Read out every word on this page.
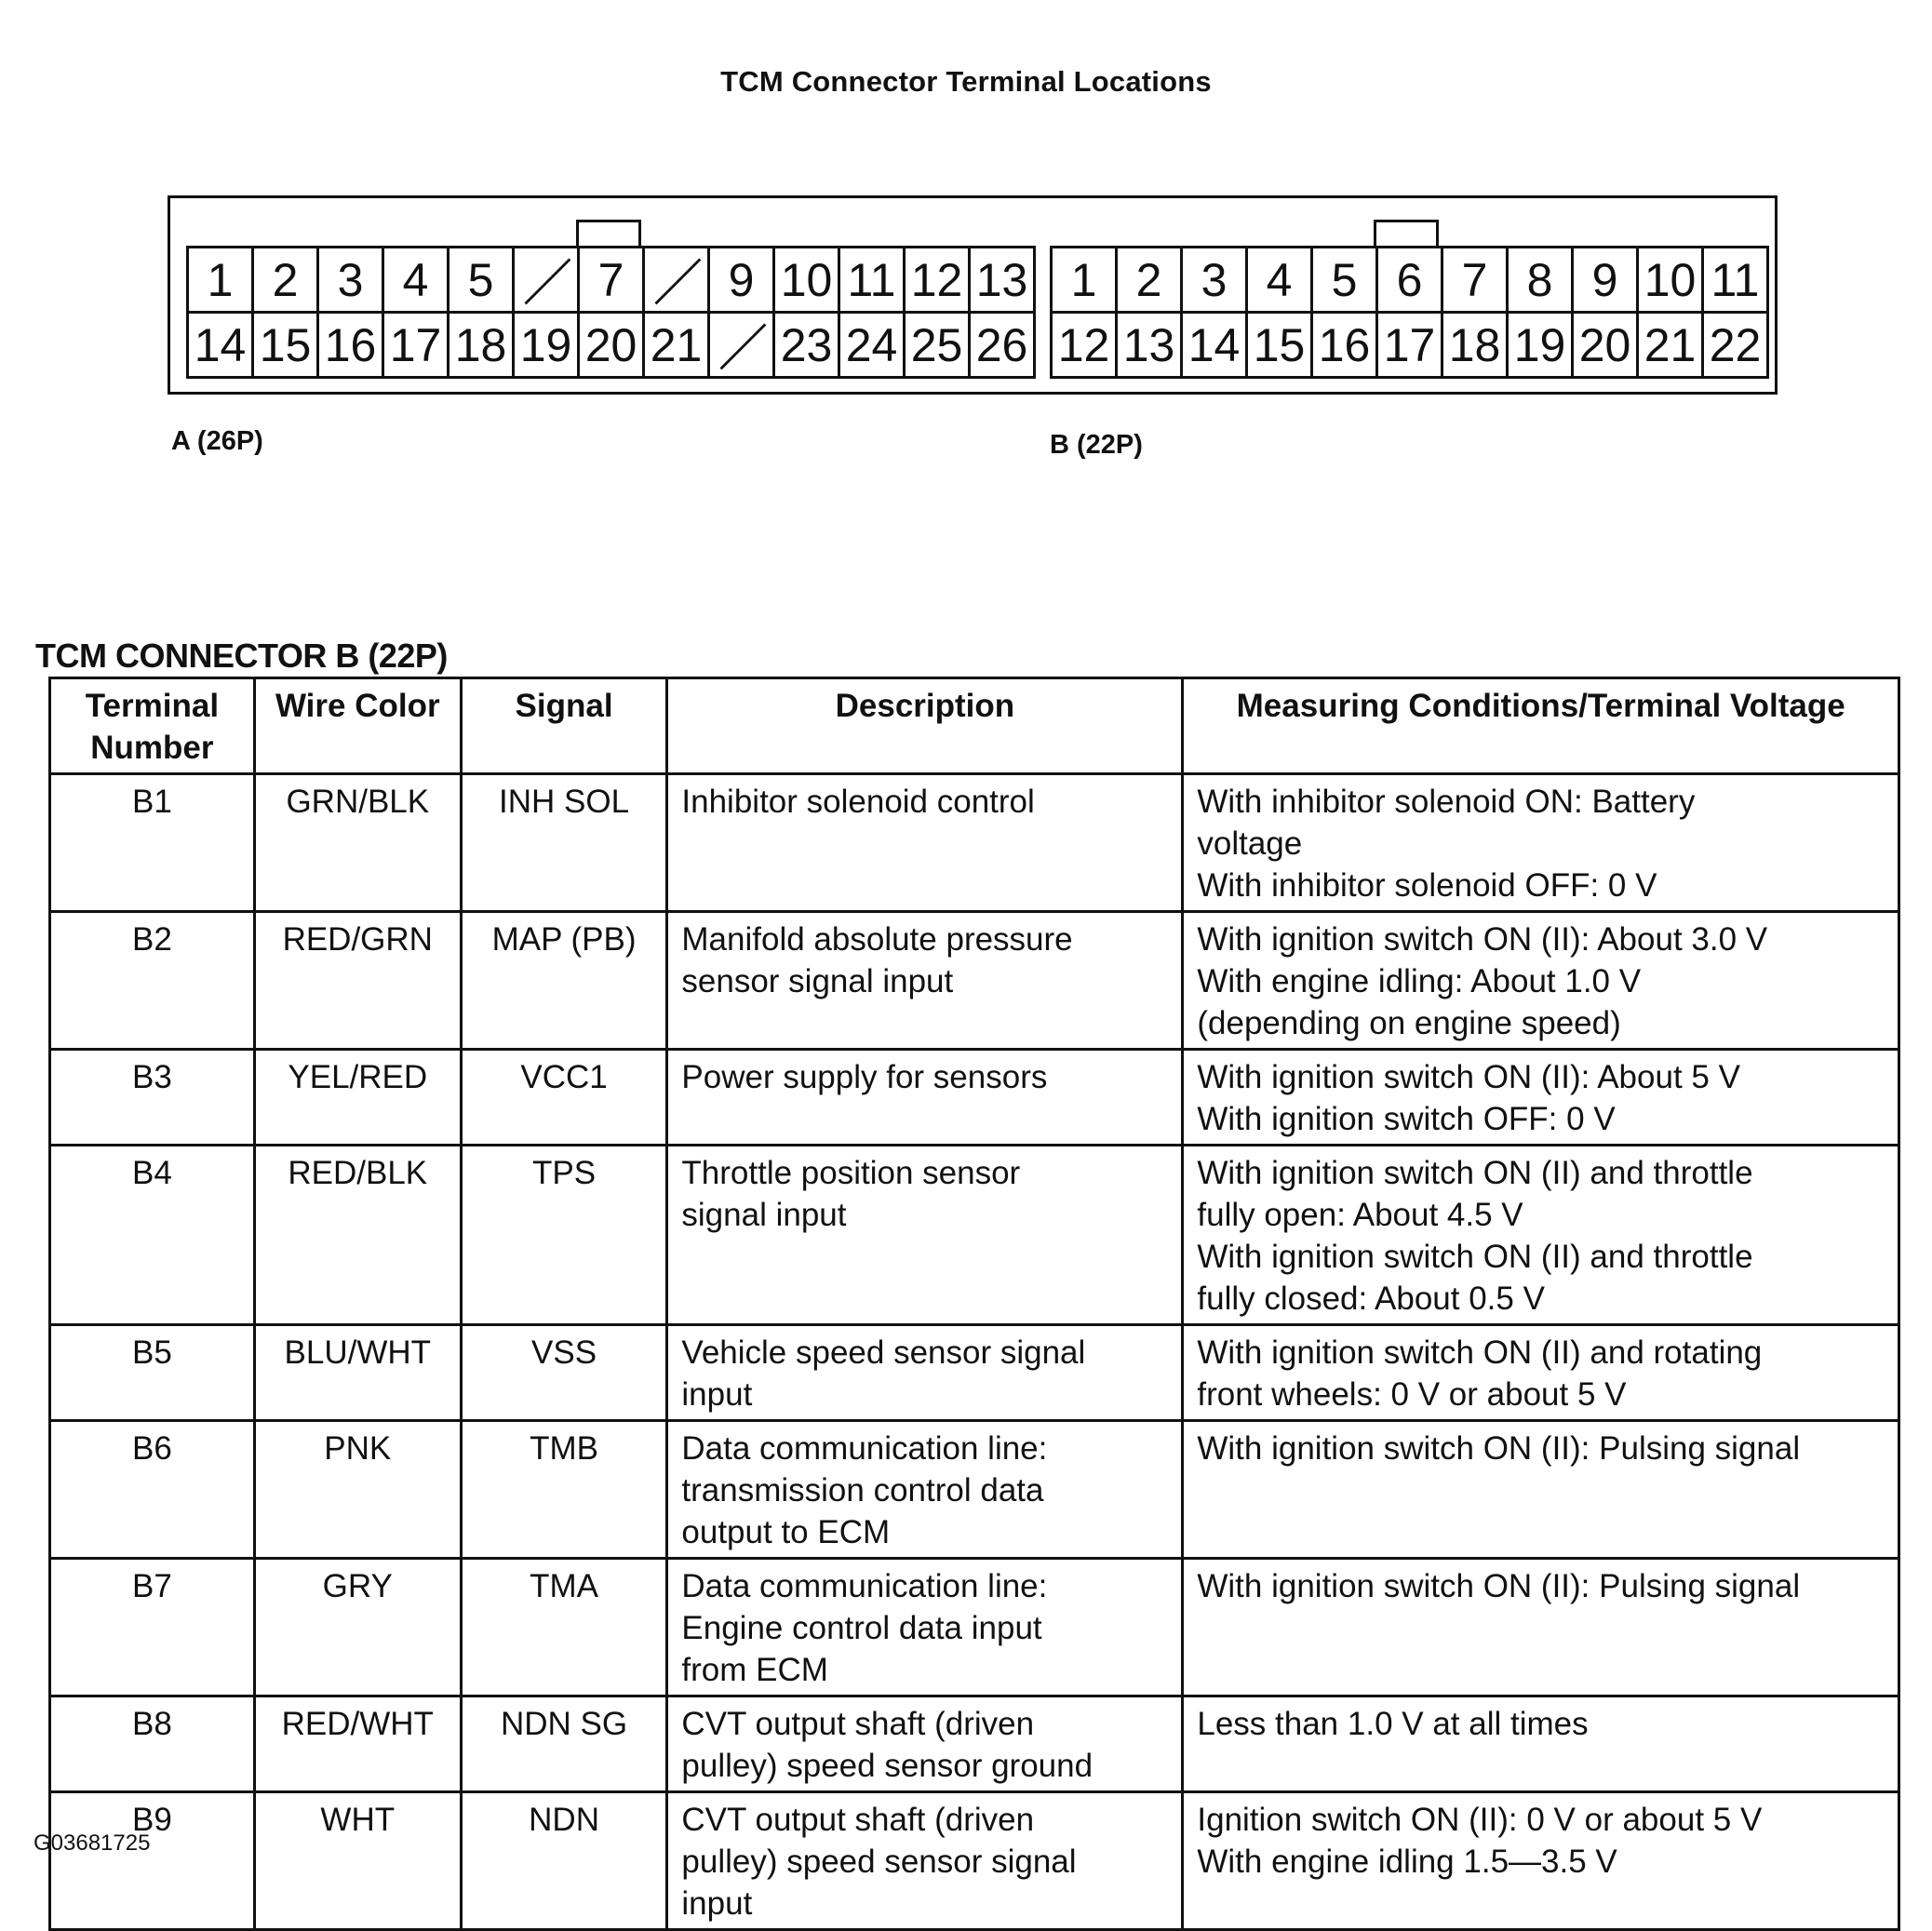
TCM Connector Terminal Locations
1 2 3 4 5	7	9 10 11 12 13
14 15 16 17 18 19 20 21 23 24 25 26
1 2 3 4 5 6 7 8 9 10 11
12 13 14 15 16 17 18 19 20 21 22
A (26P)	B (22P)
TCM CONNECTOR B (22P)
Terminal
Number	Wire Color	Signal	Description	Measuring Conditions/Terminal Voltage
B1	GRN/BLK	INH SOL	Inhibitor solenoid control	With inhibitor solenoid ON: Battery
voltage
With inhibitor solenoid OFF: 0 V

B2	RED/GRN	MAP (PB)	Manifold absolute pressure
sensor signal input	With ignition switch ON (II): About 3.0 V
With engine idling: About 1.0 V
(depending on engine speed)

B3	YEL/RED	VCC1	Power supply for sensors	With ignition switch ON (II): About 5 V
With ignition switch OFF: 0 V

B4	RED/BLK	TPS	Throttle position sensor
signal input	With ignition switch ON (II) and throttle
fully open: About 4.5 V
With ignition switch ON (II) and throttle
fully closed: About 0.5 V

B5	BLU/WHT	VSS	Vehicle speed sensor signal
input	With ignition switch ON (II) and rotating
front wheels: 0 V or about 5 V

B6	PNK	TMB	Data communication line:
transmission control data
output to ECM	With ignition switch ON (II): Pulsing signal

B7	GRY	TMA	Data communication line:
Engine control data input
from ECM	With ignition switch ON (II): Pulsing signal

B8	RED/WHT	NDN SG	CVT output shaft (driven
pulley) speed sensor ground	Less than 1.0 V at all times

B9	WHT	NDN	CVT output shaft (driven
pulley) speed sensor signal
input	Ignition switch ON (II): 0 V or about 5 V
With engine idling 1.5—3.5 V
G03681725
